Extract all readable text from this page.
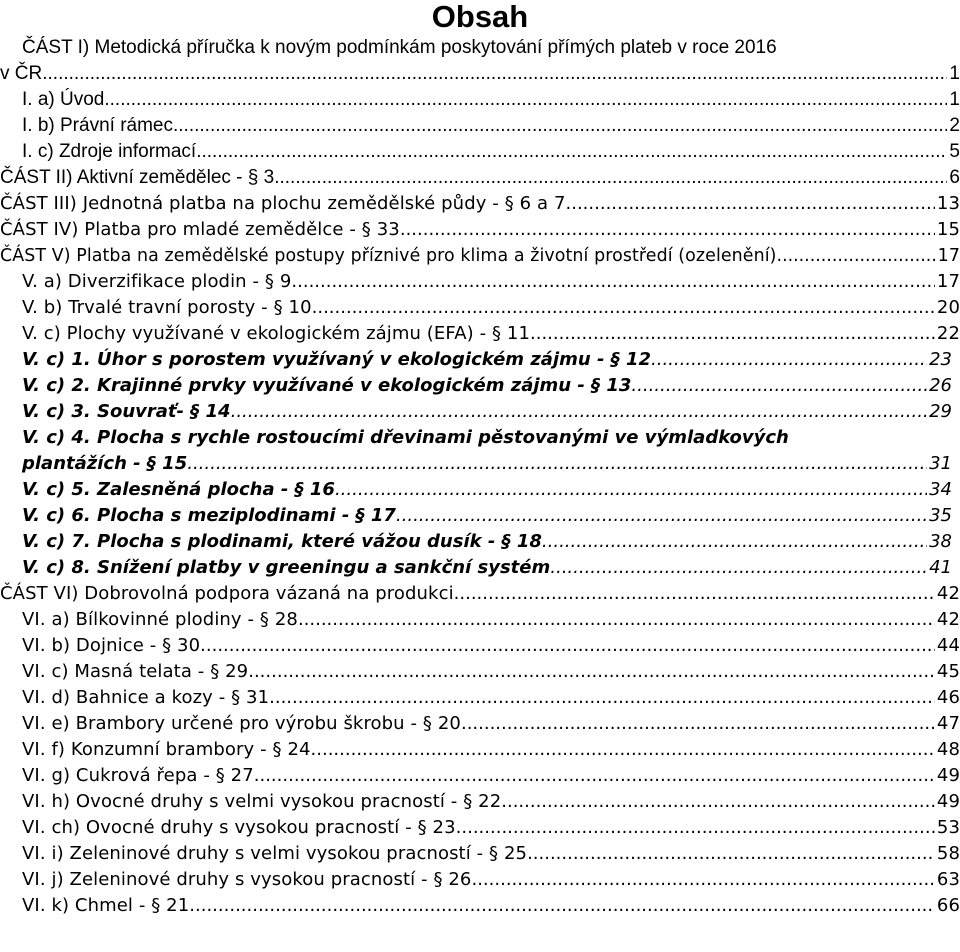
Obsah
ČÁST I) Metodická příručka k novým podmínkám poskytování přímých plateb v roce 2016
v ČR .....	1
I. a) Úvod .....	1
I. b) Právní rámec .....	2
I. c) Zdroje informací .....	5
ČÁST II) Aktivní zemědělec - § 3 .....	6
ČÁST III) Jednotná platba na plochu zemědělské půdy - § 6 a 7 .....	13
ČÁST IV) Platba pro mladé zemědělce - § 33 .....	15
ČÁST V) Platba na zemědělské postupy příznivé pro klima a životní prostředí (ozelenění) .....	17
V. a) Diverzifikace plodin - § 9 .....	17
V. b) Trvalé travní porosty - § 10 .....	20
V. c) Plochy využívané v ekologickém zájmu (EFA) - § 11 .....	22
V. c) 1. Úhor s porostem využívaný v ekologickém zájmu - § 12 .....	23
V. c) 2. Krajinné prvky využívané v ekologickém zájmu - § 13 .....	26
V. c) 3. Souvrať- § 14 .....	29
V. c) 4. Plocha s rychle rostoucími dřevinami pěstovanými ve výmladkových
plantážích - § 15 .....	31
V. c) 5. Zalesněná plocha - § 16 .....	34
V. c) 6. Plocha s meziplodinami - § 17 .....	35
V. c) 7. Plocha s plodinami, které vážou dusík - § 18 .....	38
V. c) 8. Snížení platby v greeningu a sankční systém .....	41
ČÁST VI) Dobrovolná podpora vázaná na produkci .....	42
VI. a) Bílkovinné plodiny - § 28 .....	42
VI. b) Dojnice - § 30 .....	44
VI. c) Masná telata - § 29 .....	45
VI. d) Bahnice a kozy - § 31 .....	46
VI. e) Brambory určené pro výrobu škrobu - § 20 .....	47
VI. f) Konzumní brambory - § 24 .....	48
VI. g) Cukrová řepa - § 27 .....	49
VI. h) Ovocné druhy s velmi vysokou pracností - § 22 .....	49
VI. ch) Ovocné druhy s vysokou pracností - § 23 .....	53
VI. i) Zeleninové druhy s velmi vysokou pracností - § 25 .....	58
VI. j) Zeleninové druhy s vysokou pracností - § 26 .....	63
VI. k) Chmel - § 21 .....	66
